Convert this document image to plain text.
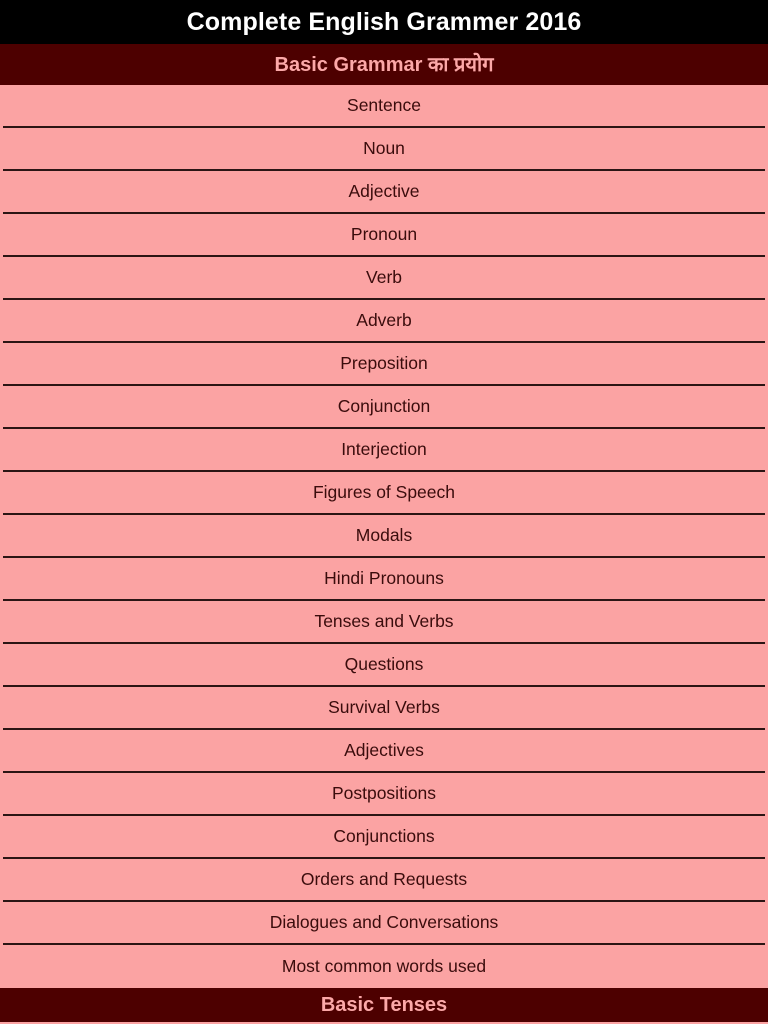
Complete English Grammer 2016
Basic Grammar का प्रयोग
Sentence
Noun
Adjective
Pronoun
Verb
Adverb
Preposition
Conjunction
Interjection
Figures of Speech
Modals
Hindi Pronouns
Tenses and Verbs
Questions
Survival Verbs
Adjectives
Postpositions
Conjunctions
Orders and Requests
Dialogues and Conversations
Most common words used
Basic Tenses
